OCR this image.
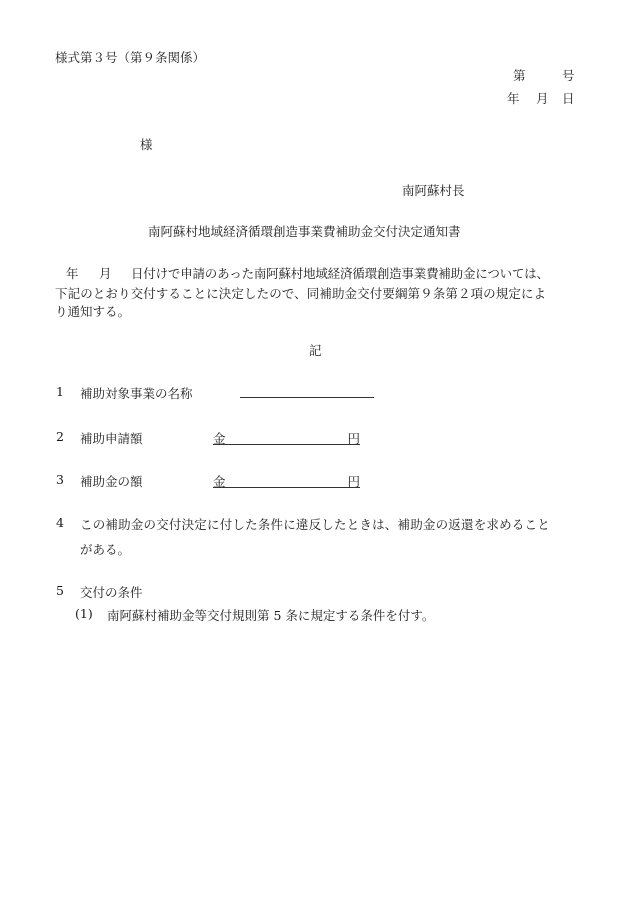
様式第３号（第９条関係）
第	号
年 月 日
様
南阿蘇村長
南阿蘇村地域経済循環創造事業費補助金交付決定通知書
年 月 日付けで申請のあった南阿蘇村地域経済循環創造事業費補助金については、
下記のとおり交付することに決定したので、同補助金交付要綱第９条第２項の規定によ
り通知する。
記
1 補助対象事業の名称
2 補助申請額	金	円
3 補助金の額	金	円
4 この補助金の交付決定に付した条件に違反したときは、補助金の返還を求めること
がある。
5 交付の条件
(1) 南阿蘇村補助金等交付規則第 5 条に規定する条件を付す。
